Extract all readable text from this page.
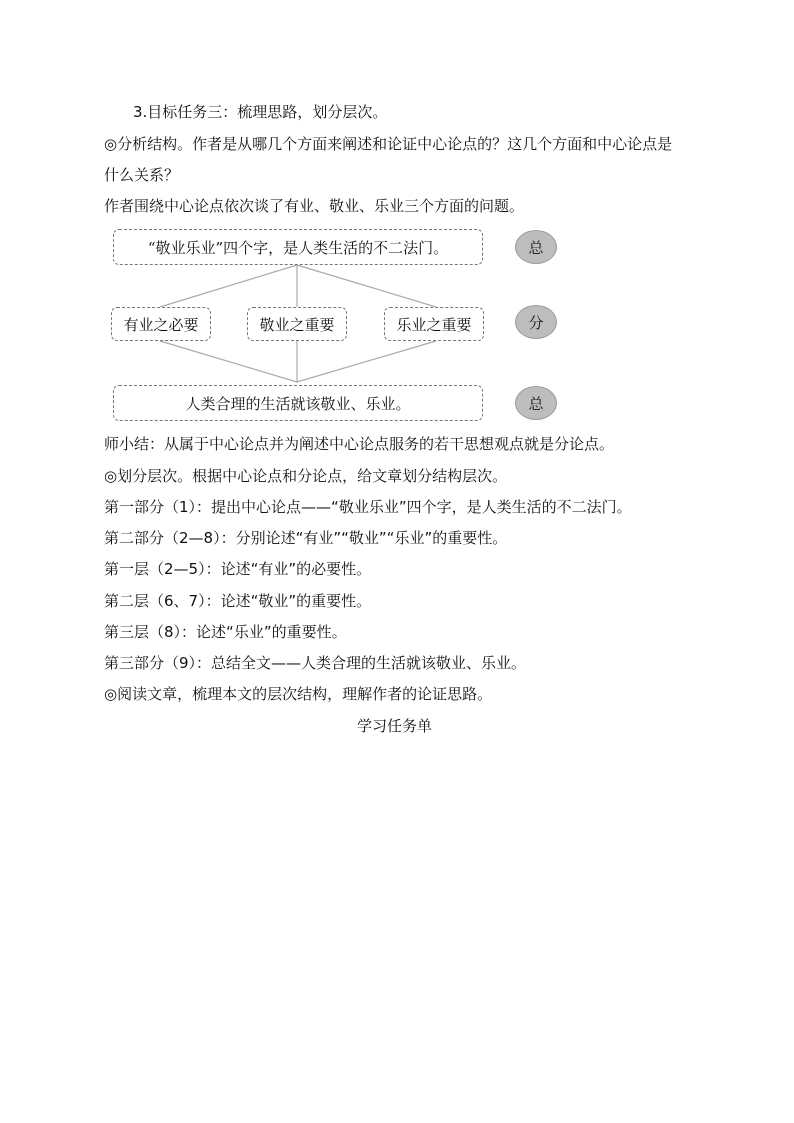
3.目标任务三：梳理思路，划分层次。
◎分析结构。作者是从哪几个方面来阐述和论证中心论点的？这几个方面和中心论点是
什么关系？
作者围绕中心论点依次谈了有业、敬业、乐业三个方面的问题。
“敬业乐业”四个字，是人类生活的不二法门。
有业之必要	敬业之重要	乐业之重要
人类合理的生活就该敬业、乐业。
总
分
总
师小结：从属于中心论点并为阐述中心论点服务的若干思想观点就是分论点。
◎划分层次。根据中心论点和分论点，给文章划分结构层次。
第一部分（1）：提出中心论点——“敬业乐业”四个字，是人类生活的不二法门。
第二部分（2—8）：分别论述“有业”“敬业”“乐业”的重要性。
第一层（2—5）：论述“有业”的必要性。
第二层（6、7）：论述“敬业”的重要性。
第三层（8）：论述“乐业”的重要性。
第三部分（9）：总结全文——人类合理的生活就该敬业、乐业。
◎阅读文章，梳理本文的层次结构，理解作者的论证思路。
学习任务单
